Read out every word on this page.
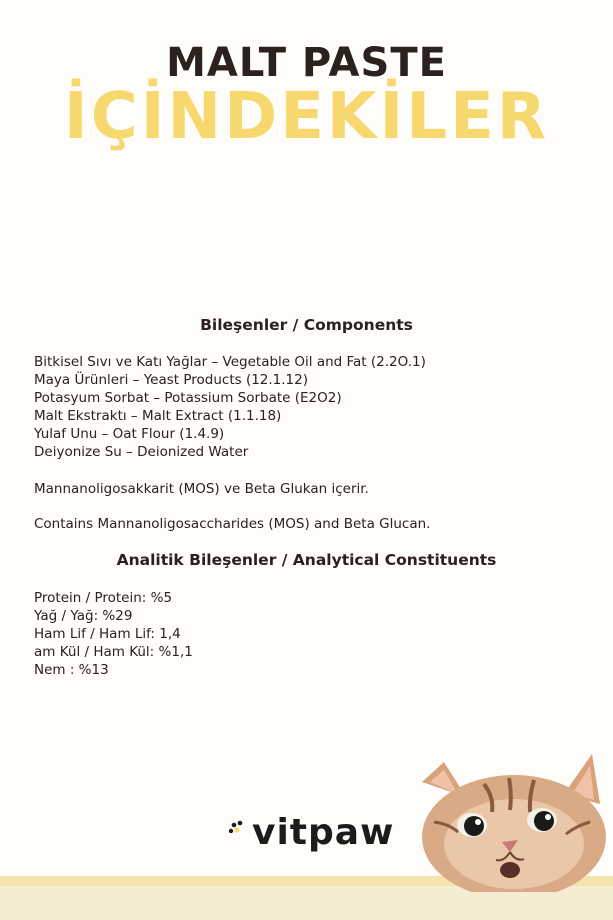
MALT PASTE
İÇİNDEKİLER
Bileşenler / Components
Bitkisel Sıvı ve Katı Yağlar – Vegetable Oil and Fat (2.2O.1)
Maya Ürünleri – Yeast Products (12.1.12)
Potasyum Sorbat – Potassium Sorbate (E2O2)
Malt Ekstraktı – Malt Extract (1.1.18)
Yulaf Unu – Oat Flour (1.4.9)
Deiyonize Su – Deionized Water

Mannanoligosakkarit (MOS) ve Beta Glukan içerir.

Contains Mannanoligosaccharides (MOS) and Beta Glucan.

Analitik Bileşenler / Analytical Constituents
Protein / Protein: %5
Yağ / Yağ: %29
Ham Lif / Ham Lif: 1,4
am Kül / Ham Kül: %1,1
Nem : %13
vitpaw
